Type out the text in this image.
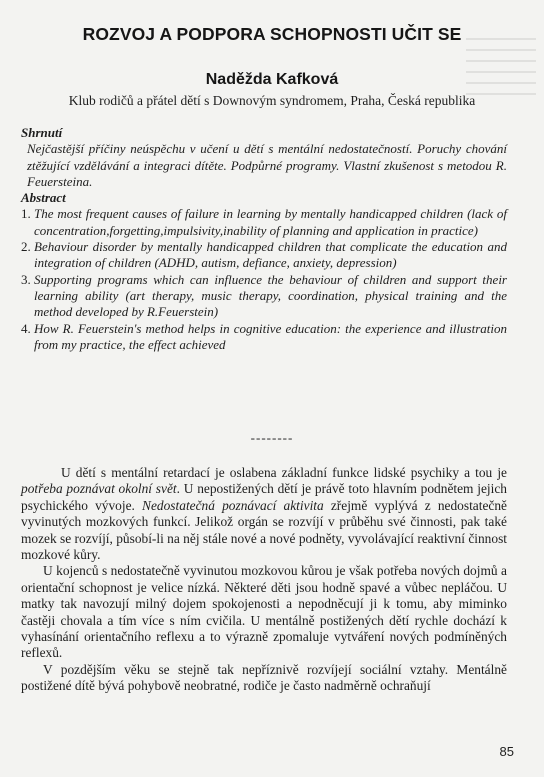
ROZVOJ A PODPORA SCHOPNOSTI UČIT SE
Naděžda Kafková
Klub rodičů a přátel dětí s Downovým syndromem, Praha, Česká republika
Shrnutí
Nejčastější příčiny neúspěchu v učení u dětí s mentální nedostatečností. Poruchy chování ztěžující vzdělávání a integraci dítěte. Podpůrné programy. Vlastní zkušenost s metodou R. Feuersteina.
Abstract
1. The most frequent causes of failure in learning by mentally handicapped children (lack of concentration,forgetting,impulsivity,inability of planning and application in practice)
2. Behaviour disorder by mentally handicapped children that complicate the education and integration of children (ADHD, autism, defiance, anxiety, depression)
3. Supporting programs which can influence the behaviour of children and support their learning ability (art therapy, music therapy, coordination, physical training and the method developed by R.Feuerstein)
4. How R. Feuerstein's method helps in cognitive education: the experience and illustration from my practice, the effect achieved
--------

U dětí s mentální retardací je oslabena základní funkce lidské psychiky a tou je potřeba poznávat okolní svět. U nepostižených dětí je právě toto hlavním podnětem jejich psychického vývoje. Nedostatečná poznávací aktivita zřejmě vyplývá z nedostatečně vyvinutých mozkových funkcí. Jelikož orgán se rozvíjí v průběhu své činnosti, pak také mozek se rozvíjí, působí-li na něj stále nové a nové podněty, vyvolávající reaktivní činnost mozkové kůry.

U kojenců s nedostatečně vyvinutou mozkovou kůrou je však potřeba nových dojmů a orientační schopnost je velice nízká. Některé děti jsou hodně spavé a vůbec nepláčou. U matky tak navozují milný dojem spokojenosti a nepodněcují ji k tomu, aby miminko častěji chovala a tím více s ním cvičila. U mentálně postižených dětí rychle dochází k vyhasínání orientačního reflexu a to výrazně zpomaluje vytváření nových podmíněných reflexů.

V pozdějším věku se stejně tak nepříznivě rozvíjejí sociální vztahy. Mentálně postižené dítě bývá pohybově neobratné, rodiče je často nadměrně ochraňují

85
